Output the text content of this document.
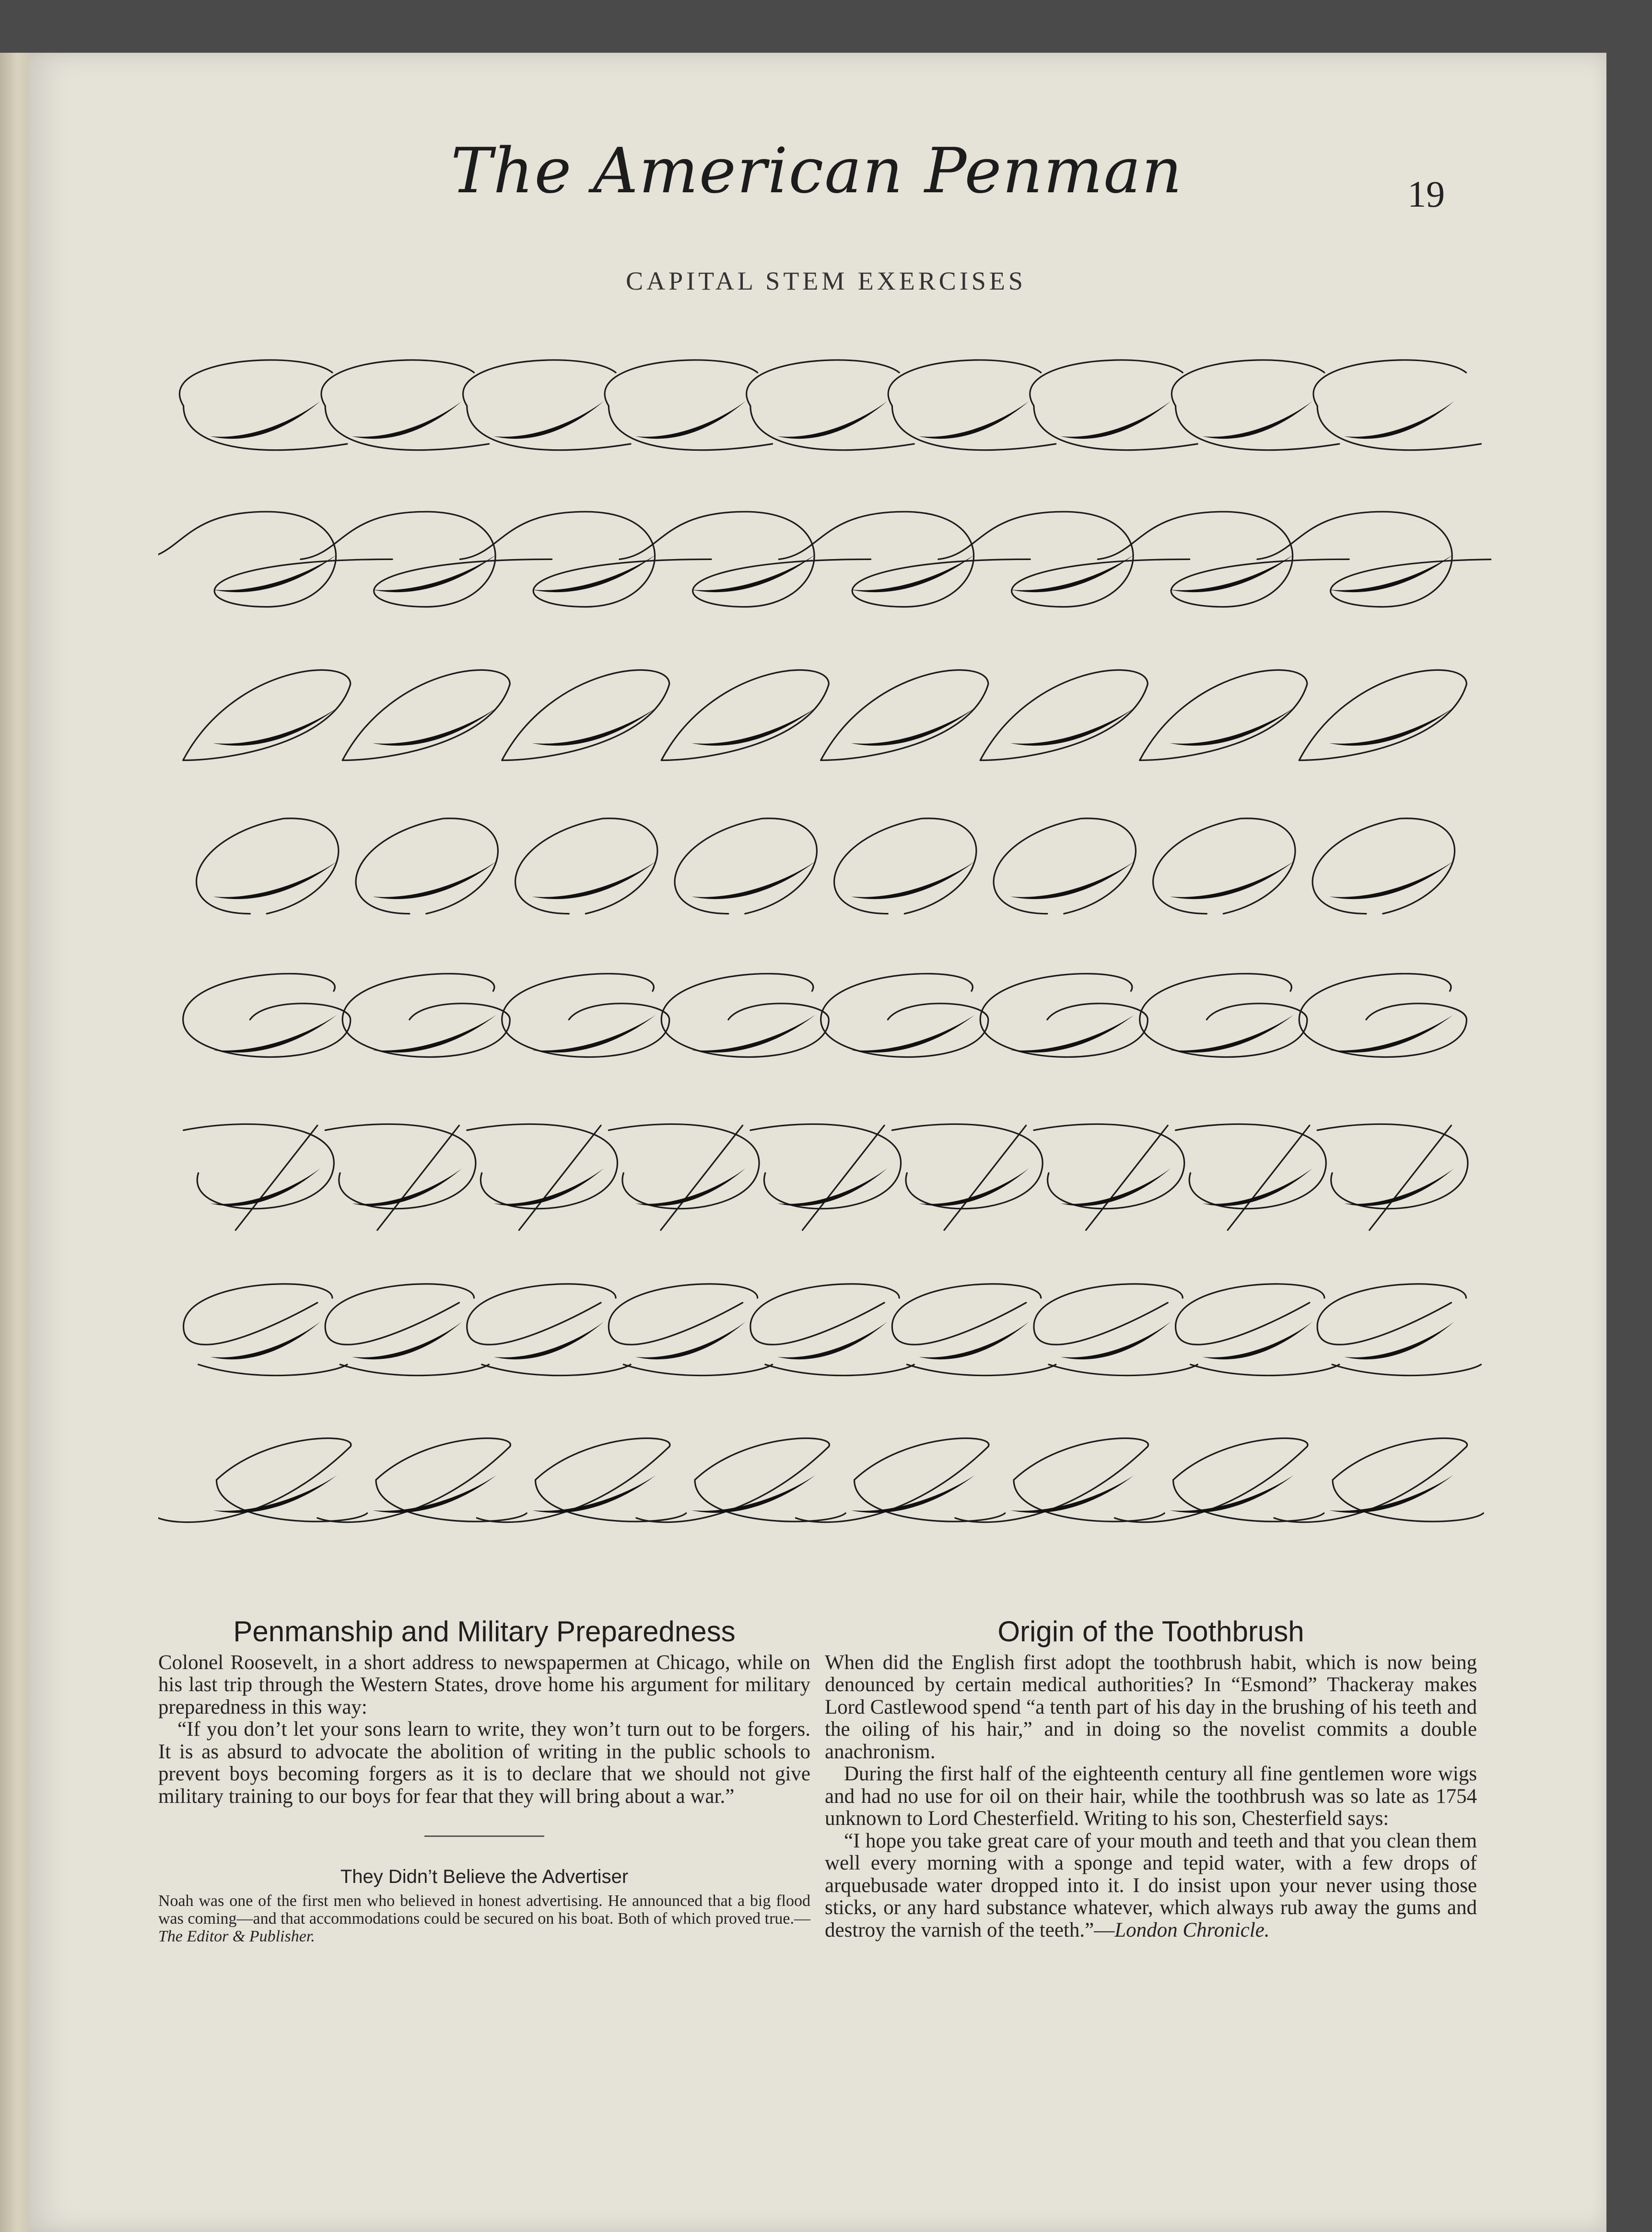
The American Penman	19
CAPITAL STEM EXERCISES
Penmanship and Military Preparedness

Colonel Roosevelt, in a short address to newspapermen at Chicago, while on his last trip through the Western States, drove home his argument for military preparedness in this way:

“If you don’t let your sons learn to write, they won’t turn out to be forgers. It is as absurd to advocate the abolition of writing in the public schools to prevent boys becoming forgers as it is to declare that we should not give military training to our boys for fear that they will bring about a war.”

They Didn’t Believe the Advertiser

Noah was one of the first men who believed in honest advertising. He announced that a big flood was coming—and that accommodations could be secured on his boat. Both of which proved true.—The Editor & Publisher.

Origin of the Toothbrush

When did the English first adopt the toothbrush habit, which is now being denounced by certain medical authorities? In “Esmond” Thackeray makes Lord Castlewood spend “a tenth part of his day in the brushing of his teeth and the oiling of his hair,” and in doing so the novelist commits a double anachronism.

During the first half of the eighteenth century all fine gentlemen wore wigs and had no use for oil on their hair, while the toothbrush was so late as 1754 unknown to Lord Chesterfield. Writing to his son, Chesterfield says:

“I hope you take great care of your mouth and teeth and that you clean them well every morning with a sponge and tepid water, with a few drops of arquebusade water dropped into it. I do insist upon your never using those sticks, or any hard substance whatever, which always rub away the gums and destroy the varnish of the teeth.”—London Chronicle.
